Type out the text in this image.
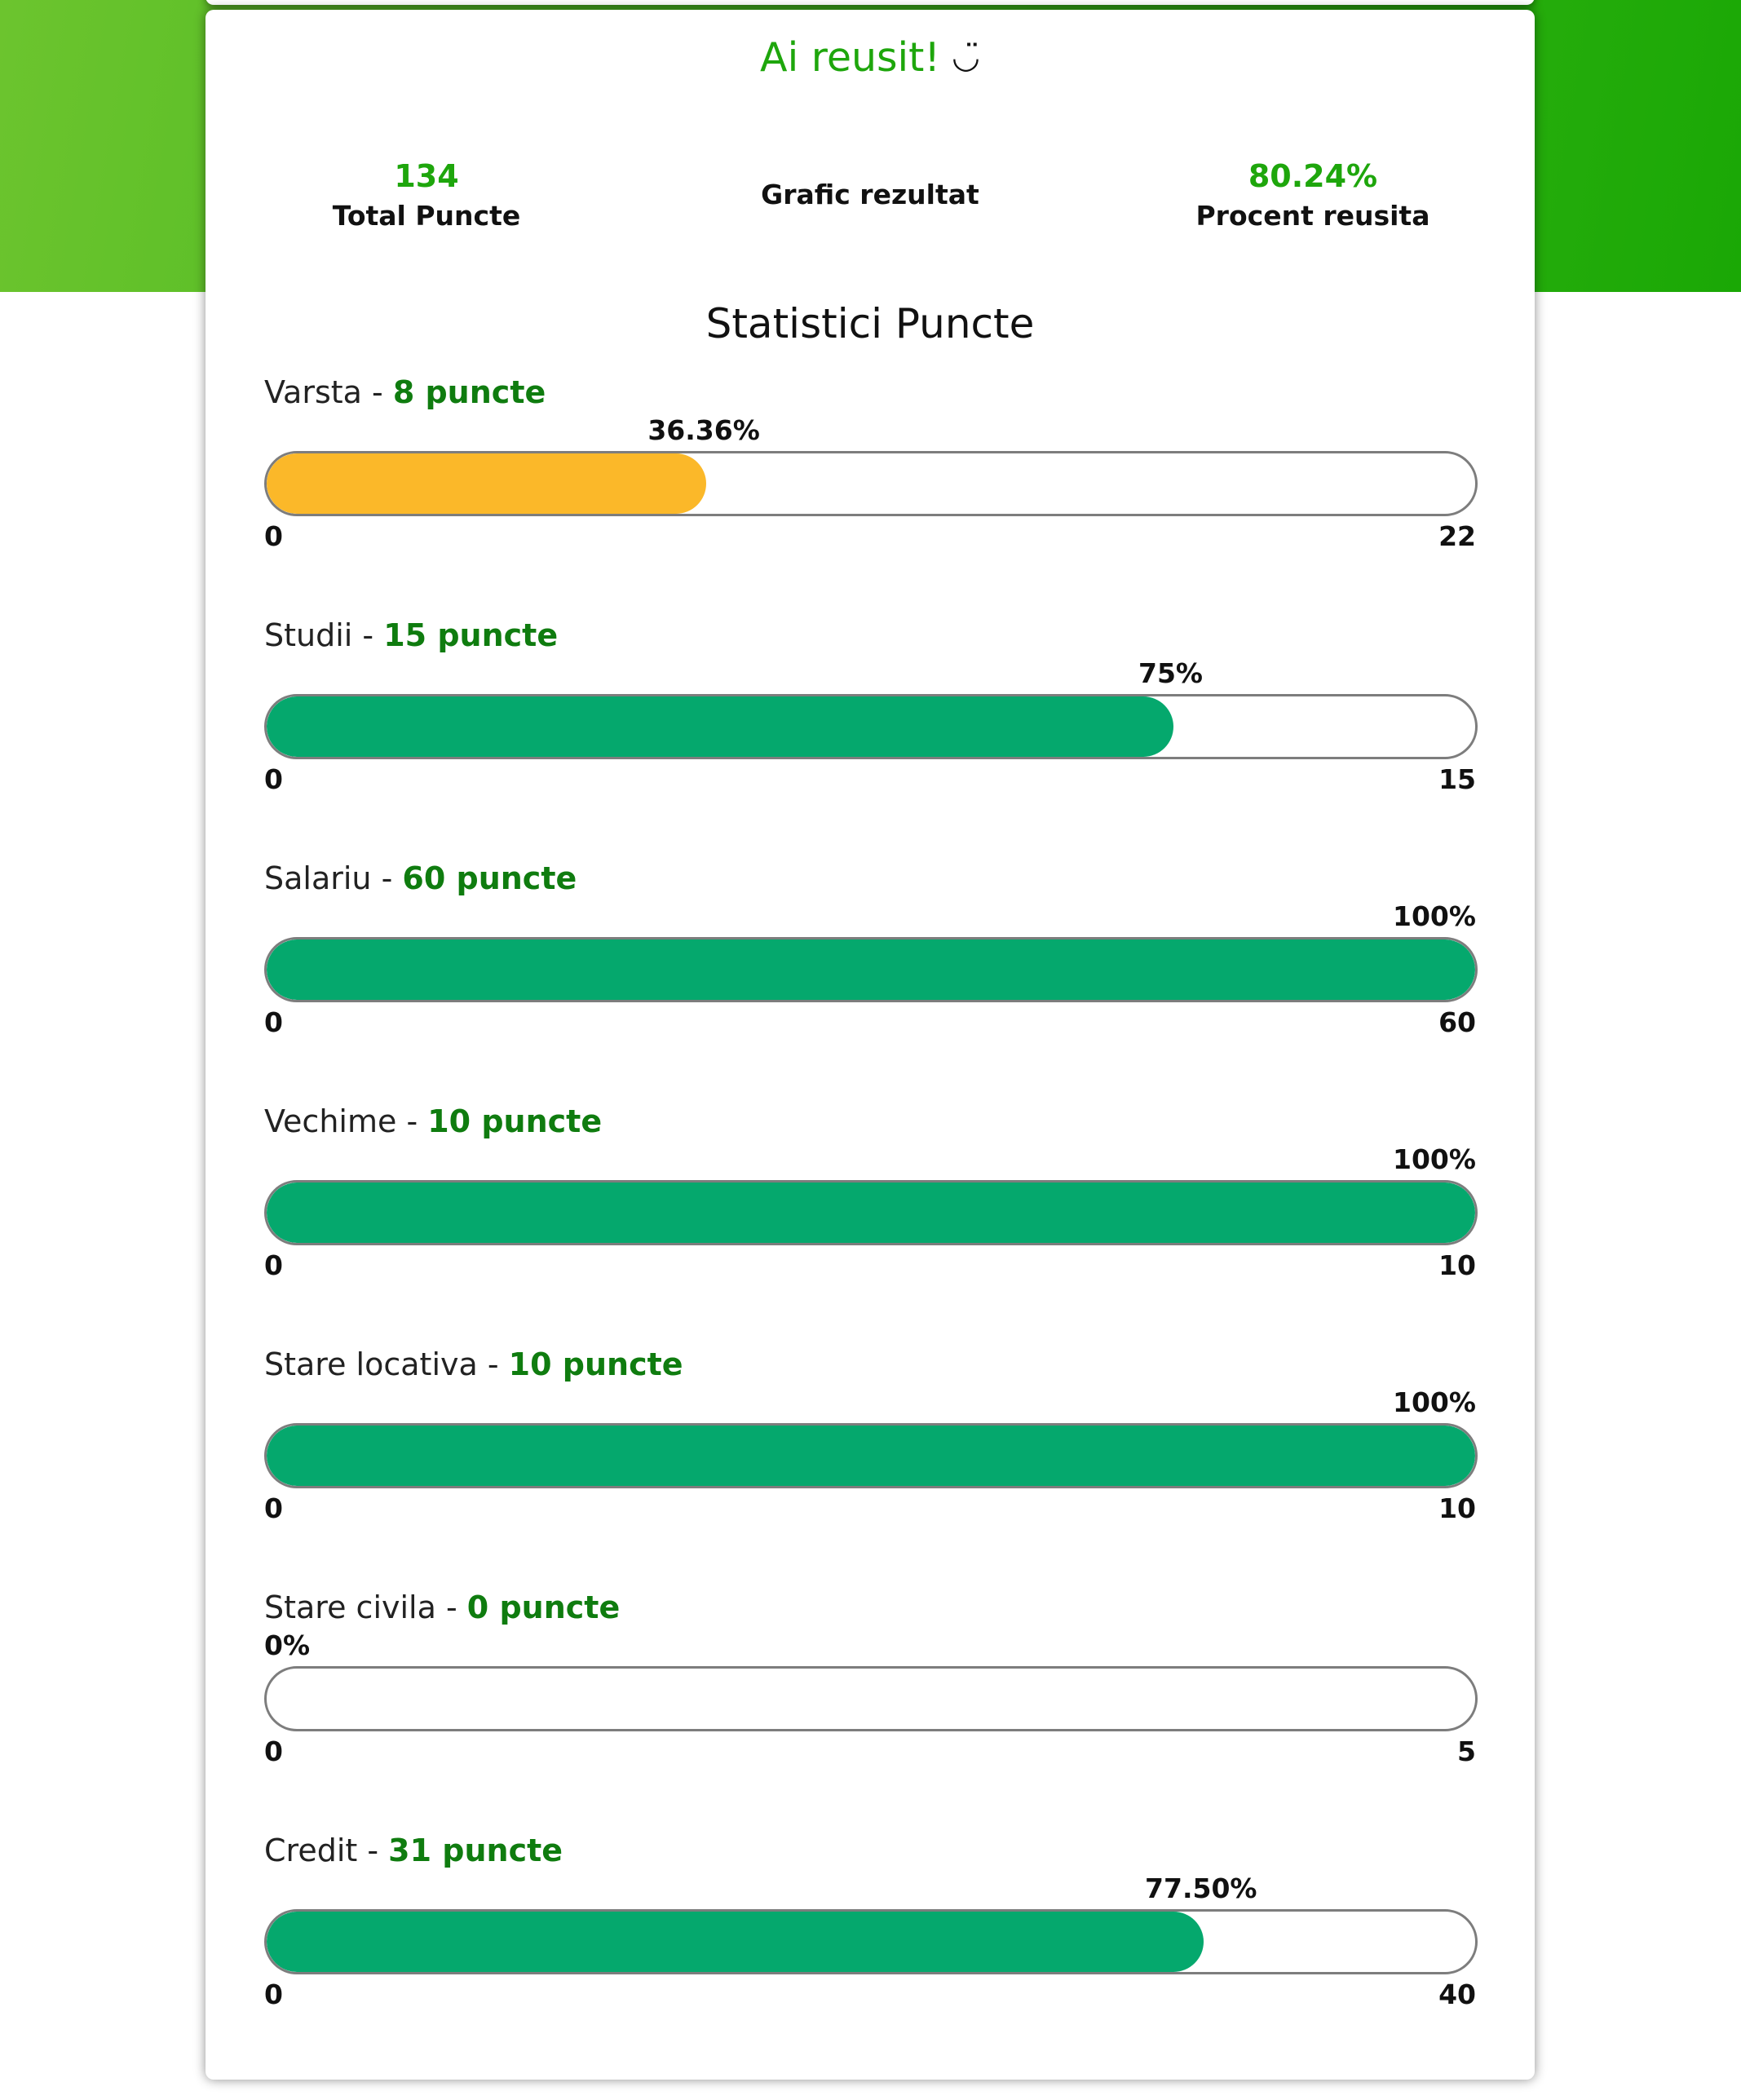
Ai reusit! ◡̈
134
Total Puncte
Grafic rezultat
80.24%
Procent reusita
Statistici Puncte
Varsta - 8 puncte
36.36%
0	22
Studii - 15 puncte
75%
0	15
Salariu - 60 puncte
100%
0	60
Vechime - 10 puncte
100%
0	10
Stare locativa - 10 puncte
100%
0	10
Stare civila - 0 puncte
0%
0	5
Credit - 31 puncte
77.50%
0	40
